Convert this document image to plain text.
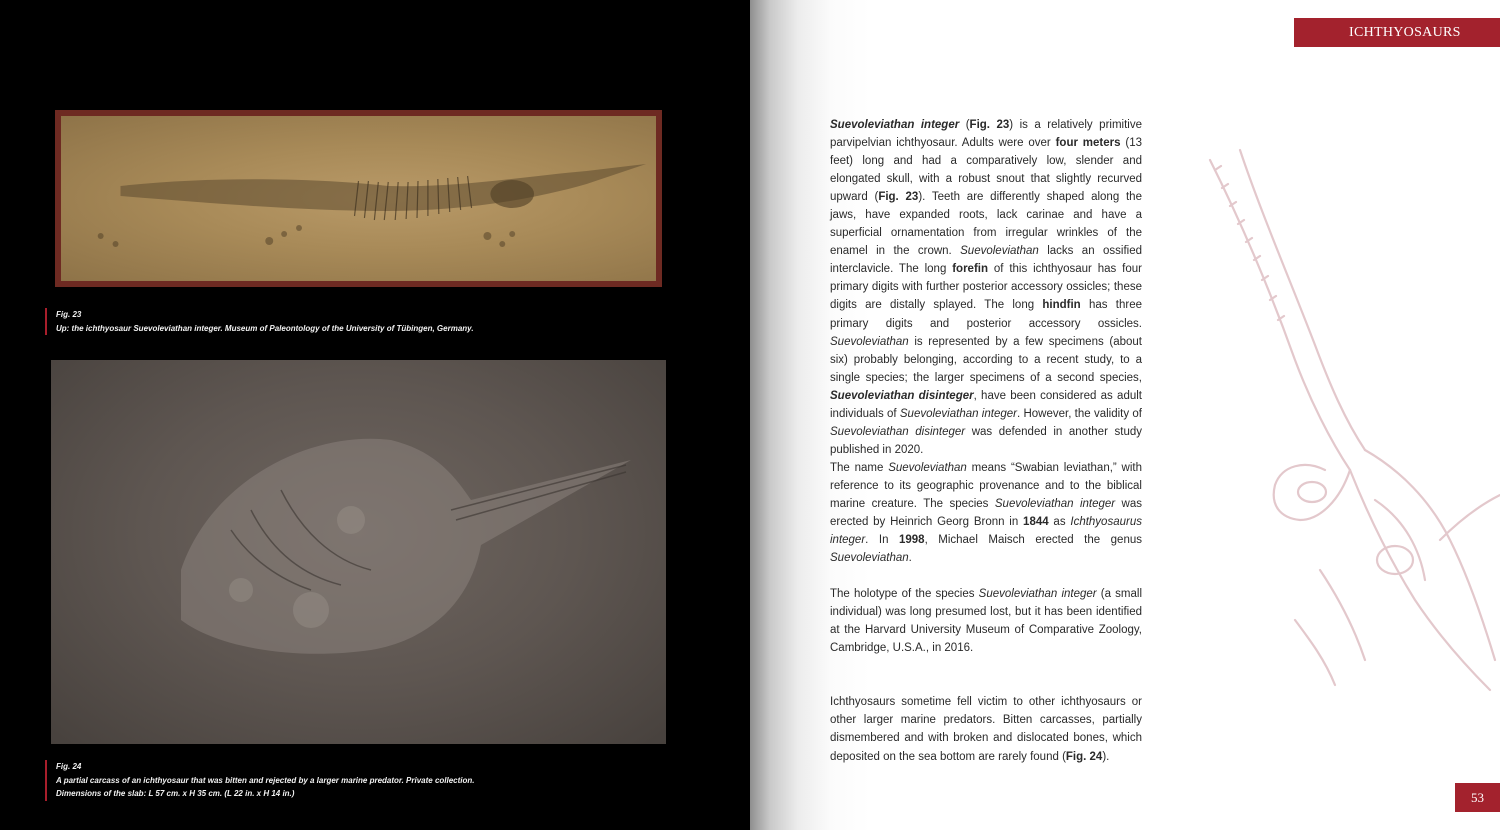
Fig. 23
Up: the ichthyosaur Suevoleviathan integer. Museum of Paleontology of the University of Tübingen, Germany.
Fig. 24
A partial carcass of an ichthyosaur that was bitten and rejected by a larger marine predator. Private collection.
Dimensions of the slab: L 57 cm. x H 35 cm. (L 22 in. x H 14 in.)
ICHTHYOSAURS

Suevoleviathan integer (Fig. 23) is a relatively primitive parvipelvian ichthyosaur. Adults were over four meters (13 feet) long and had a comparatively low, slender and elongated skull, with a robust snout that slightly recurved upward (Fig. 23). Teeth are differently shaped along the jaws, have expanded roots, lack carinae and have a superficial ornamentation from irregular wrinkles of the enamel in the crown. Suevoleviathan lacks an ossified interclavicle. The long forefin of this ichthyosaur has four primary digits with further posterior accessory ossicles; these digits are distally splayed. The long hindfin has three primary digits and posterior accessory ossicles. Suevoleviathan is represented by a few specimens (about six) probably belonging, according to a recent study, to a single species; the larger specimens of a second species, Suevoleviathan disinteger, have been considered as adult individuals of Suevoleviathan integer. However, the validity of Suevoleviathan disinteger was defended in another study published in 2020.

The name Suevoleviathan means “Swabian leviathan,” with reference to its geographic provenance and to the biblical marine creature. The species Suevoleviathan integer was erected by Heinrich Georg Bronn in 1844 as Ichthyosaurus integer. In 1998, Michael Maisch erected the genus Suevoleviathan.

The holotype of the species Suevoleviathan integer (a small individual) was long presumed lost, but it has been identified at the Harvard University Museum of Comparative Zoology, Cambridge, U.S.A., in 2016.

Ichthyosaurs sometime fell victim to other ichthyosaurs or other larger marine predators. Bitten carcasses, partially dismembered and with broken and dislocated bones, which deposited on the sea bottom are rarely found (Fig. 24).

53
